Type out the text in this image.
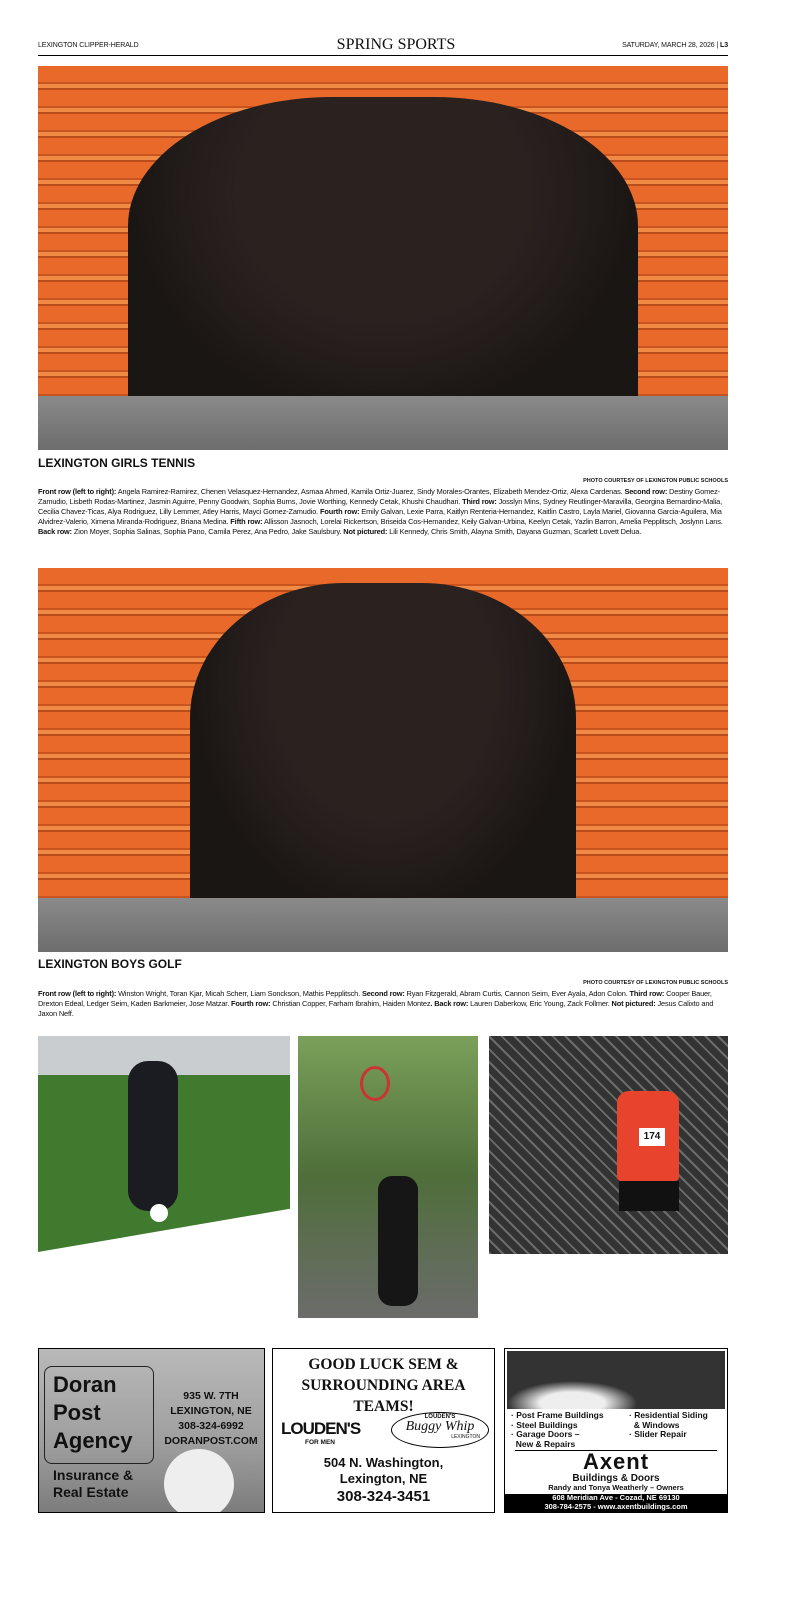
LEXINGTON CLIPPER-HERALD	SPRING SPORTS	SATURDAY, MARCH 28, 2026 | L3
LEXINGTON GIRLS TENNIS
PHOTO COURTESY OF LEXINGTON PUBLIC SCHOOLS
Front row (left to right): Angela Ramirez-Ramirez, Chenen Velasquez-Hernandez, Asmaa Ahmed, Kamila Ortiz-Juarez, Sindy Morales-Orantes, Elizabeth Mendez-Ortiz, Alexa Cardenas. Second row: Destiny Gomez-Zamudio, Lisbeth Rodas-Martinez, Jasmin Aguirre, Penny Goodwin, Sophia Burns, Jovie Worthing, Kennedy Cetak, Khushi Chaudhari. Third row: Josslyn Mins, Sydney Reutlinger-Maravilla, Georgina Bernardino-Malia, Cecilia Chavez-Ticas, Alya Rodriguez, Lilly Lemmer, Atley Harris, Mayci Gomez-Zamudio. Fourth row: Emily Galvan, Lexie Parra, Kaitlyn Renteria-Hernandez, Kaitlin Castro, Layla Mariel, Giovanna Garcia-Aguilera, Mia Alvidrez-Valerio, Ximena Miranda-Rodriguez, Briana Medina. Fifth row: Allisson Jasnoch, Lorelai Rickertson, Briseida Cos-Hernandez, Keily Galvan-Urbina, Keelyn Cetak, Yazlin Barron, Amelia Pepplitsch, Joslynn Lans. Back row: Zion Moyer, Sophia Salinas, Sophia Pano, Camila Perez, Ana Pedro, Jake Saulsbury. Not pictured: Lili Kennedy, Chris Smith, Alayna Smith, Dayana Guzman, Scarlett Lovett Delua.
LEXINGTON BOYS GOLF
PHOTO COURTESY OF LEXINGTON PUBLIC SCHOOLS
Front row (left to right): Winston Wright, Toran Kjar, Micah Scherr, Liam Sonckson, Mathis Pepplitsch. Second row: Ryan Fitzgerald, Abram Curtis, Cannon Seim, Ever Ayala, Adon Colon. Third row: Cooper Bauer, Drexton Edeal, Ledger Seim, Kaden Barkmeier, Jose Matzar. Fourth row: Christian Copper, Farham Ibrahim, Haiden Montez. Back row: Lauren Daberkow, Eric Young, Zack Follmer. Not pictured: Jesus Calixto and Jaxon Neff.
174
Doran
Post
Agency
935 W. 7TH
LEXINGTON, NE
308-324-6992
DORANPOST.COM
Insurance &
Real Estate
GOOD LUCK SEM & SURROUNDING AREA TEAMS!
LOUDEN'S
FOR MEN
LOUDEN'S
Buggy Whip
LEXINGTON
504 N. Washington,
Lexington, NE
308-324-3451
· Post Frame Buildings
· Steel Buildings
· Garage Doors –
New & Repairs
· Residential Siding
& Windows
· Slider Repair
Axent
Buildings & Doors
Randy and Tonya Weatherly – Owners
608 Meridian Ave - Cozad, NE 69130
308-784-2575 - www.axentbuildings.com
